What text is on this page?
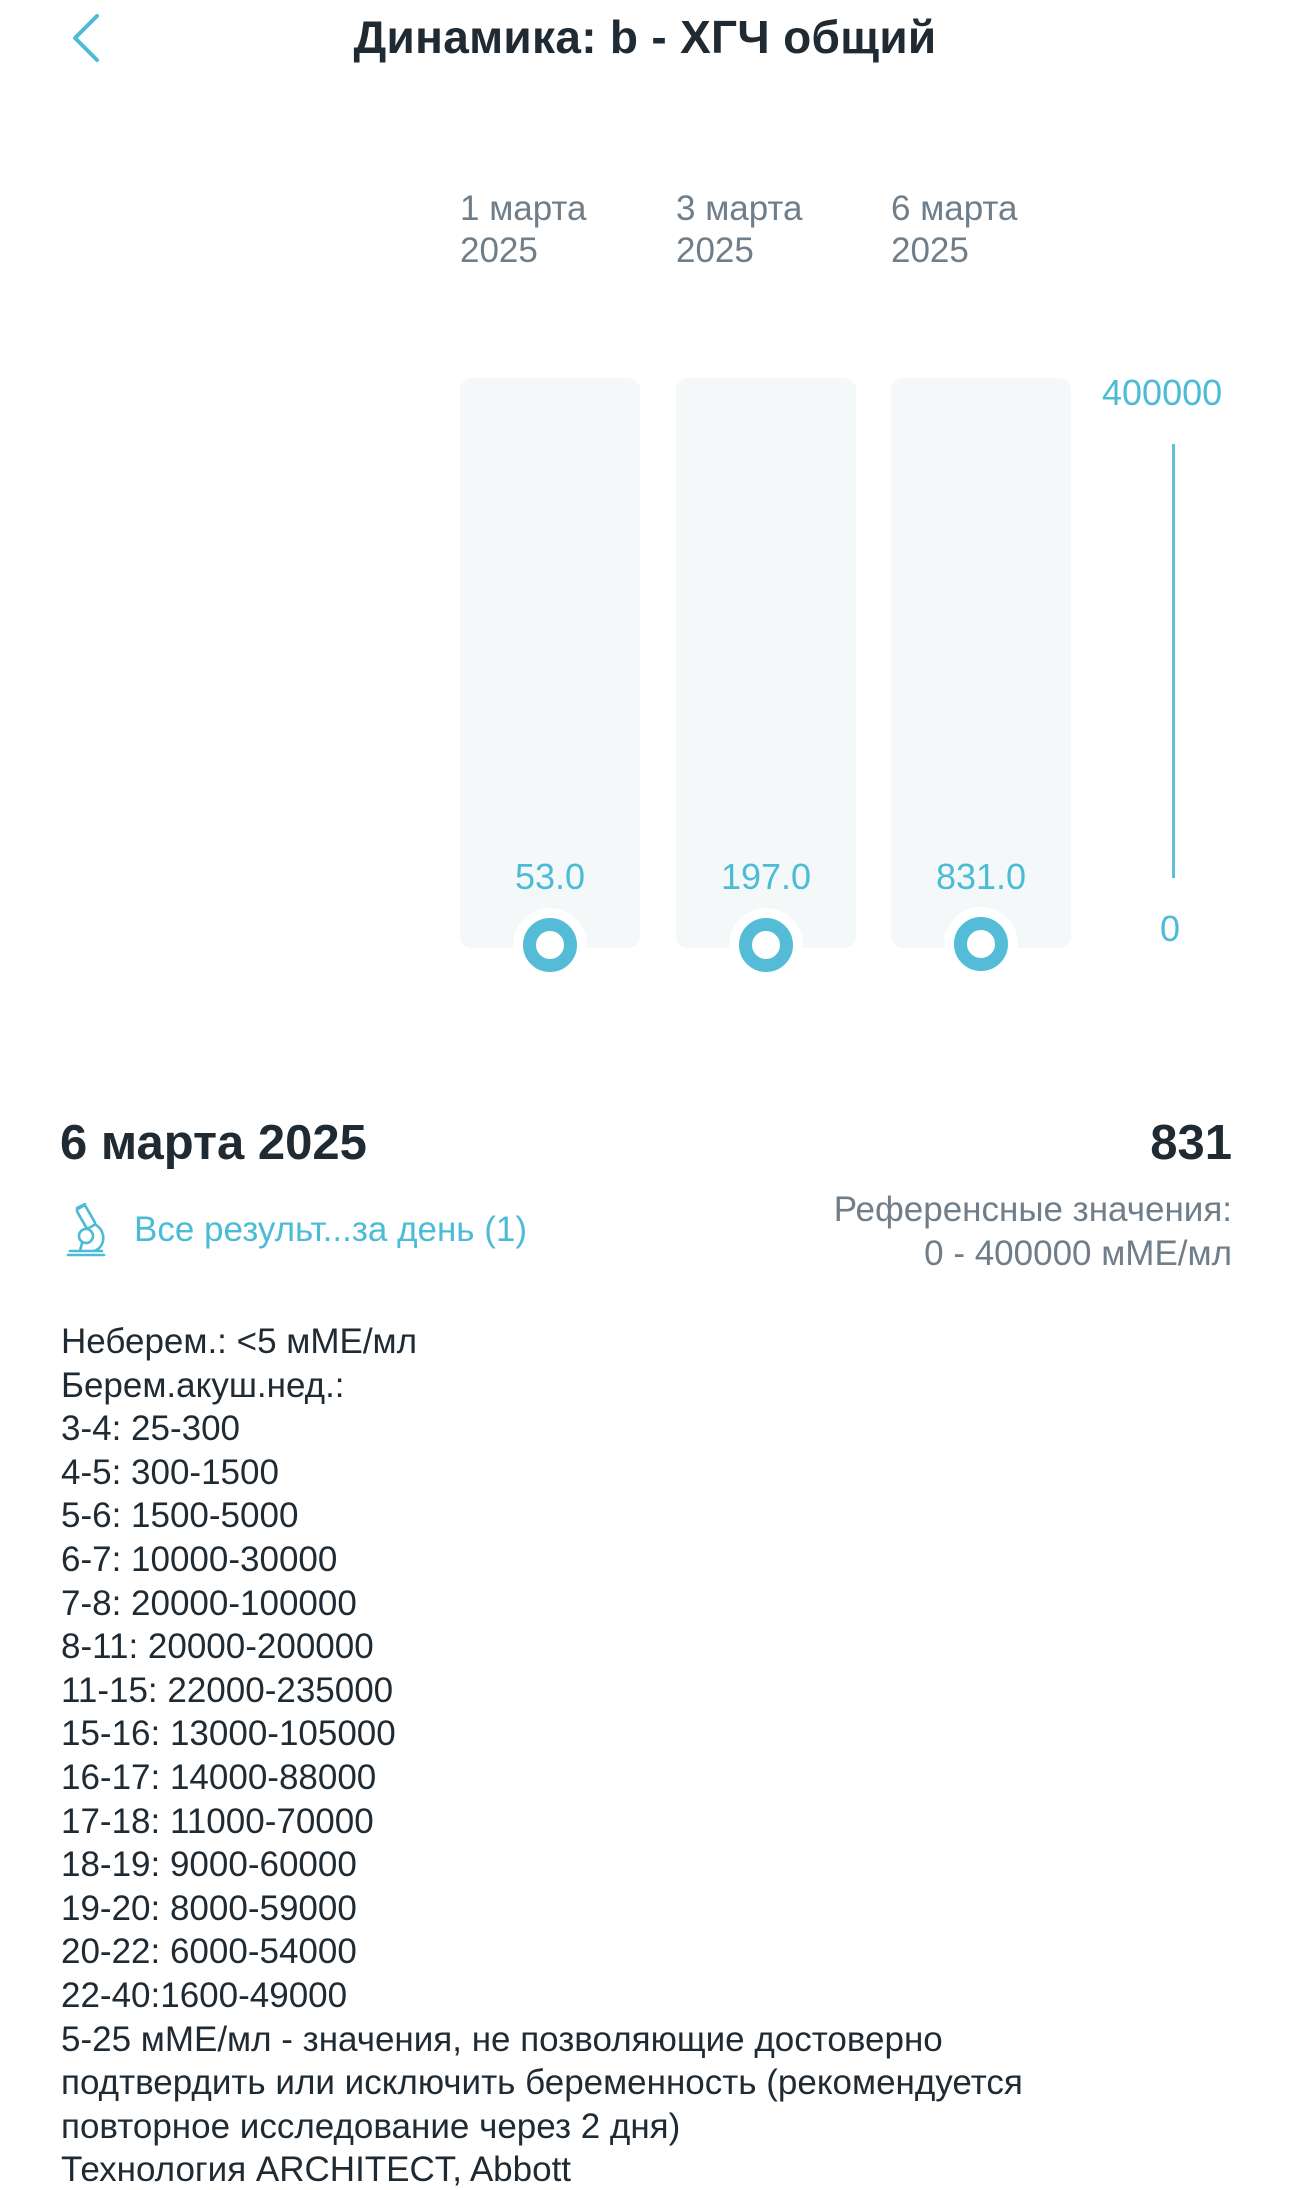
Динамика: b - ХГЧ общий
1 марта
2025
53.0
3 марта
2025
197.0
6 марта
2025
831.0
400000
0
6 марта 2025	831
Все результ...за день (1)
Референсные значения:
0 - 400000 мМЕ/мл
Неберем.: <5 мМЕ/мл
Берем.акуш.нед.:
3-4: 25-300
4-5: 300-1500
5-6: 1500-5000
6-7: 10000-30000
7-8: 20000-100000
8-11: 20000-200000
11-15: 22000-235000
15-16: 13000-105000
16-17: 14000-88000
17-18: 11000-70000
18-19: 9000-60000
19-20: 8000-59000
20-22: 6000-54000
22-40:1600-49000
5-25 мМЕ/мл - значения, не позволяющие достоверно
подтвердить или исключить беременность (рекомендуется
повторное исследование через 2 дня)
Технология ARCHITECT, Abbott
